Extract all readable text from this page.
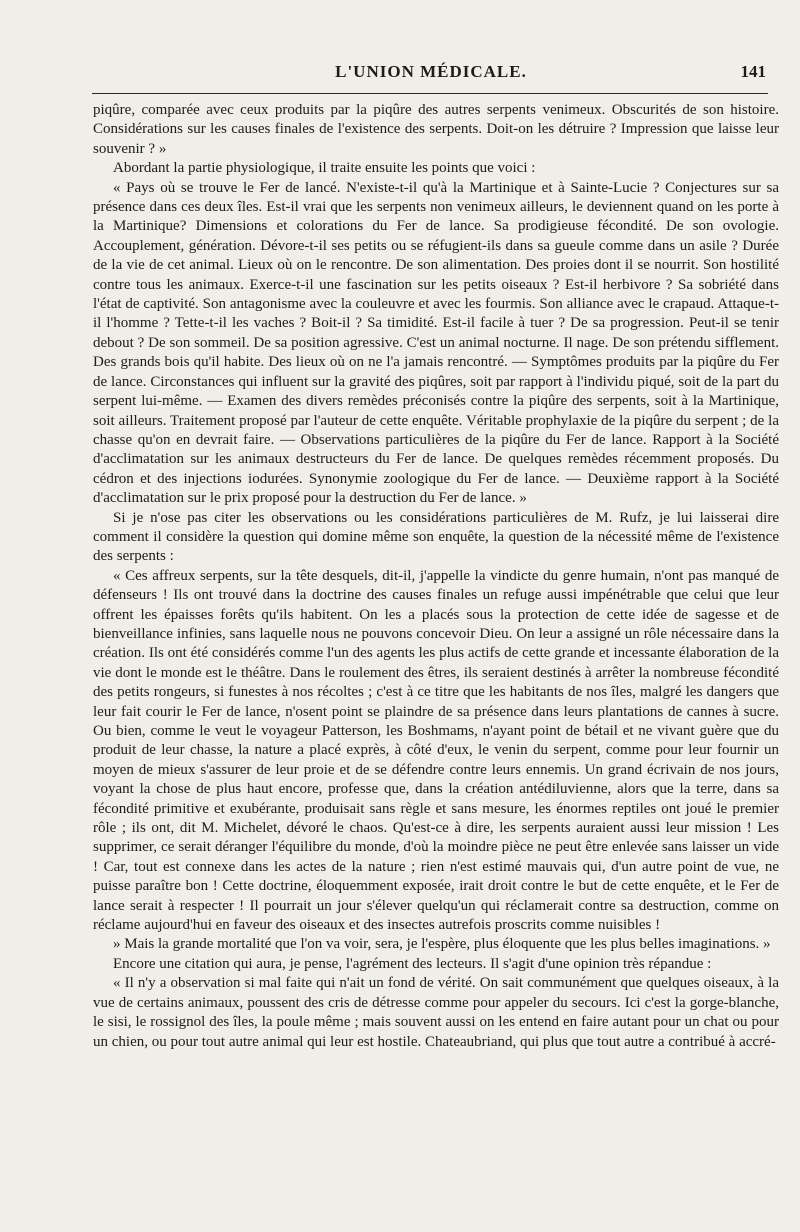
L'UNION MÉDICALE.	141

piqûre, comparée avec ceux produits par la piqûre des autres serpents venimeux. Obscurités de son histoire. Considérations sur les causes finales de l'existence des serpents. Doit-on les détruire ? Impression que laisse leur souvenir ? »

Abordant la partie physiologique, il traite ensuite les points que voici :

« Pays où se trouve le Fer de lancé. N'existe-t-il qu'à la Martinique et à Sainte-Lucie ? Conjectures sur sa présence dans ces deux îles. Est-il vrai que les serpents non venimeux ailleurs, le deviennent quand on les porte à la Martinique? Dimensions et colorations du Fer de lance. Sa prodigieuse fécondité. De son ovologie. Accouplement, génération. Dévore-t-il ses petits ou se réfugient-ils dans sa gueule comme dans un asile ? Durée de la vie de cet animal. Lieux où on le rencontre. De son alimentation. Des proies dont il se nourrit. Son hostilité contre tous les animaux. Exerce-t-il une fascination sur les petits oiseaux ? Est-il herbivore ? Sa sobriété dans l'état de captivité. Son antagonisme avec la couleuvre et avec les fourmis. Son alliance avec le crapaud. Attaque-t-il l'homme ? Tette-t-il les vaches ? Boit-il ? Sa timidité. Est-il facile à tuer ? De sa progression. Peut-il se tenir debout ? De son sommeil. De sa position agressive. C'est un animal nocturne. Il nage. De son prétendu sifflement. Des grands bois qu'il habite. Des lieux où on ne l'a jamais rencontré. — Symptômes produits par la piqûre du Fer de lance. Circonstances qui influent sur la gravité des piqûres, soit par rapport à l'individu piqué, soit de la part du serpent lui-même. — Examen des divers remèdes préconisés contre la piqûre des serpents, soit à la Martinique, soit ailleurs. Traitement proposé par l'auteur de cette enquête. Véritable prophylaxie de la piqûre du serpent ; de la chasse qu'on en devrait faire. — Observations particulières de la piqûre du Fer de lance. Rapport à la Société d'acclimatation sur les animaux destructeurs du Fer de lance. De quelques remèdes récemment proposés. Du cédron et des injections iodurées. Synonymie zoologique du Fer de lance. — Deuxième rapport à la Société d'acclimatation sur le prix proposé pour la destruction du Fer de lance. »

Si je n'ose pas citer les observations ou les considérations particulières de M. Rufz, je lui laisserai dire comment il considère la question qui domine même son enquête, la question de la nécessité même de l'existence des serpents :

« Ces affreux serpents, sur la tête desquels, dit-il, j'appelle la vindicte du genre humain, n'ont pas manqué de défenseurs ! Ils ont trouvé dans la doctrine des causes finales un refuge aussi impénétrable que celui que leur offrent les épaisses forêts qu'ils habitent. On les a placés sous la protection de cette idée de sagesse et de bienveillance infinies, sans laquelle nous ne pouvons concevoir Dieu. On leur a assigné un rôle nécessaire dans la création. Ils ont été considérés comme l'un des agents les plus actifs de cette grande et incessante élaboration de la vie dont le monde est le théâtre. Dans le roulement des êtres, ils seraient destinés à arrêter la nombreuse fécondité des petits rongeurs, si funestes à nos récoltes ; c'est à ce titre que les habitants de nos îles, malgré les dangers que leur fait courir le Fer de lance, n'osent point se plaindre de sa présence dans leurs plantations de cannes à sucre. Ou bien, comme le veut le voyageur Patterson, les Boshmams, n'ayant point de bétail et ne vivant guère que du produit de leur chasse, la nature a placé exprès, à côté d'eux, le venin du serpent, comme pour leur fournir un moyen de mieux s'assurer de leur proie et de se défendre contre leurs ennemis. Un grand écrivain de nos jours, voyant la chose de plus haut encore, professe que, dans la création antédiluvienne, alors que la terre, dans sa fécondité primitive et exubérante, produisait sans règle et sans mesure, les énormes reptiles ont joué le premier rôle ; ils ont, dit M. Michelet, dévoré le chaos. Qu'est-ce à dire, les serpents auraient aussi leur mission ! Les supprimer, ce serait déranger l'équilibre du monde, d'où la moindre pièce ne peut être enlevée sans laisser un vide ! Car, tout est connexe dans les actes de la nature ; rien n'est estimé mauvais qui, d'un autre point de vue, ne puisse paraître bon ! Cette doctrine, éloquemment exposée, irait droit contre le but de cette enquête, et le Fer de lance serait à respecter ! Il pourrait un jour s'élever quelqu'un qui réclamerait contre sa destruction, comme on réclame aujourd'hui en faveur des oiseaux et des insectes autrefois proscrits comme nuisibles !

» Mais la grande mortalité que l'on va voir, sera, je l'espère, plus éloquente que les plus belles imaginations. »

Encore une citation qui aura, je pense, l'agrément des lecteurs. Il s'agit d'une opinion très répandue :

« Il n'y a observation si mal faite qui n'ait un fond de vérité. On sait communément que quelques oiseaux, à la vue de certains animaux, poussent des cris de détresse comme pour appeler du secours. Ici c'est la gorge-blanche, le sisi, le rossignol des îles, la poule même ; mais souvent aussi on les entend en faire autant pour un chat ou pour un chien, ou pour tout autre animal qui leur est hostile. Chateaubriand, qui plus que tout autre a contribué à accré-
